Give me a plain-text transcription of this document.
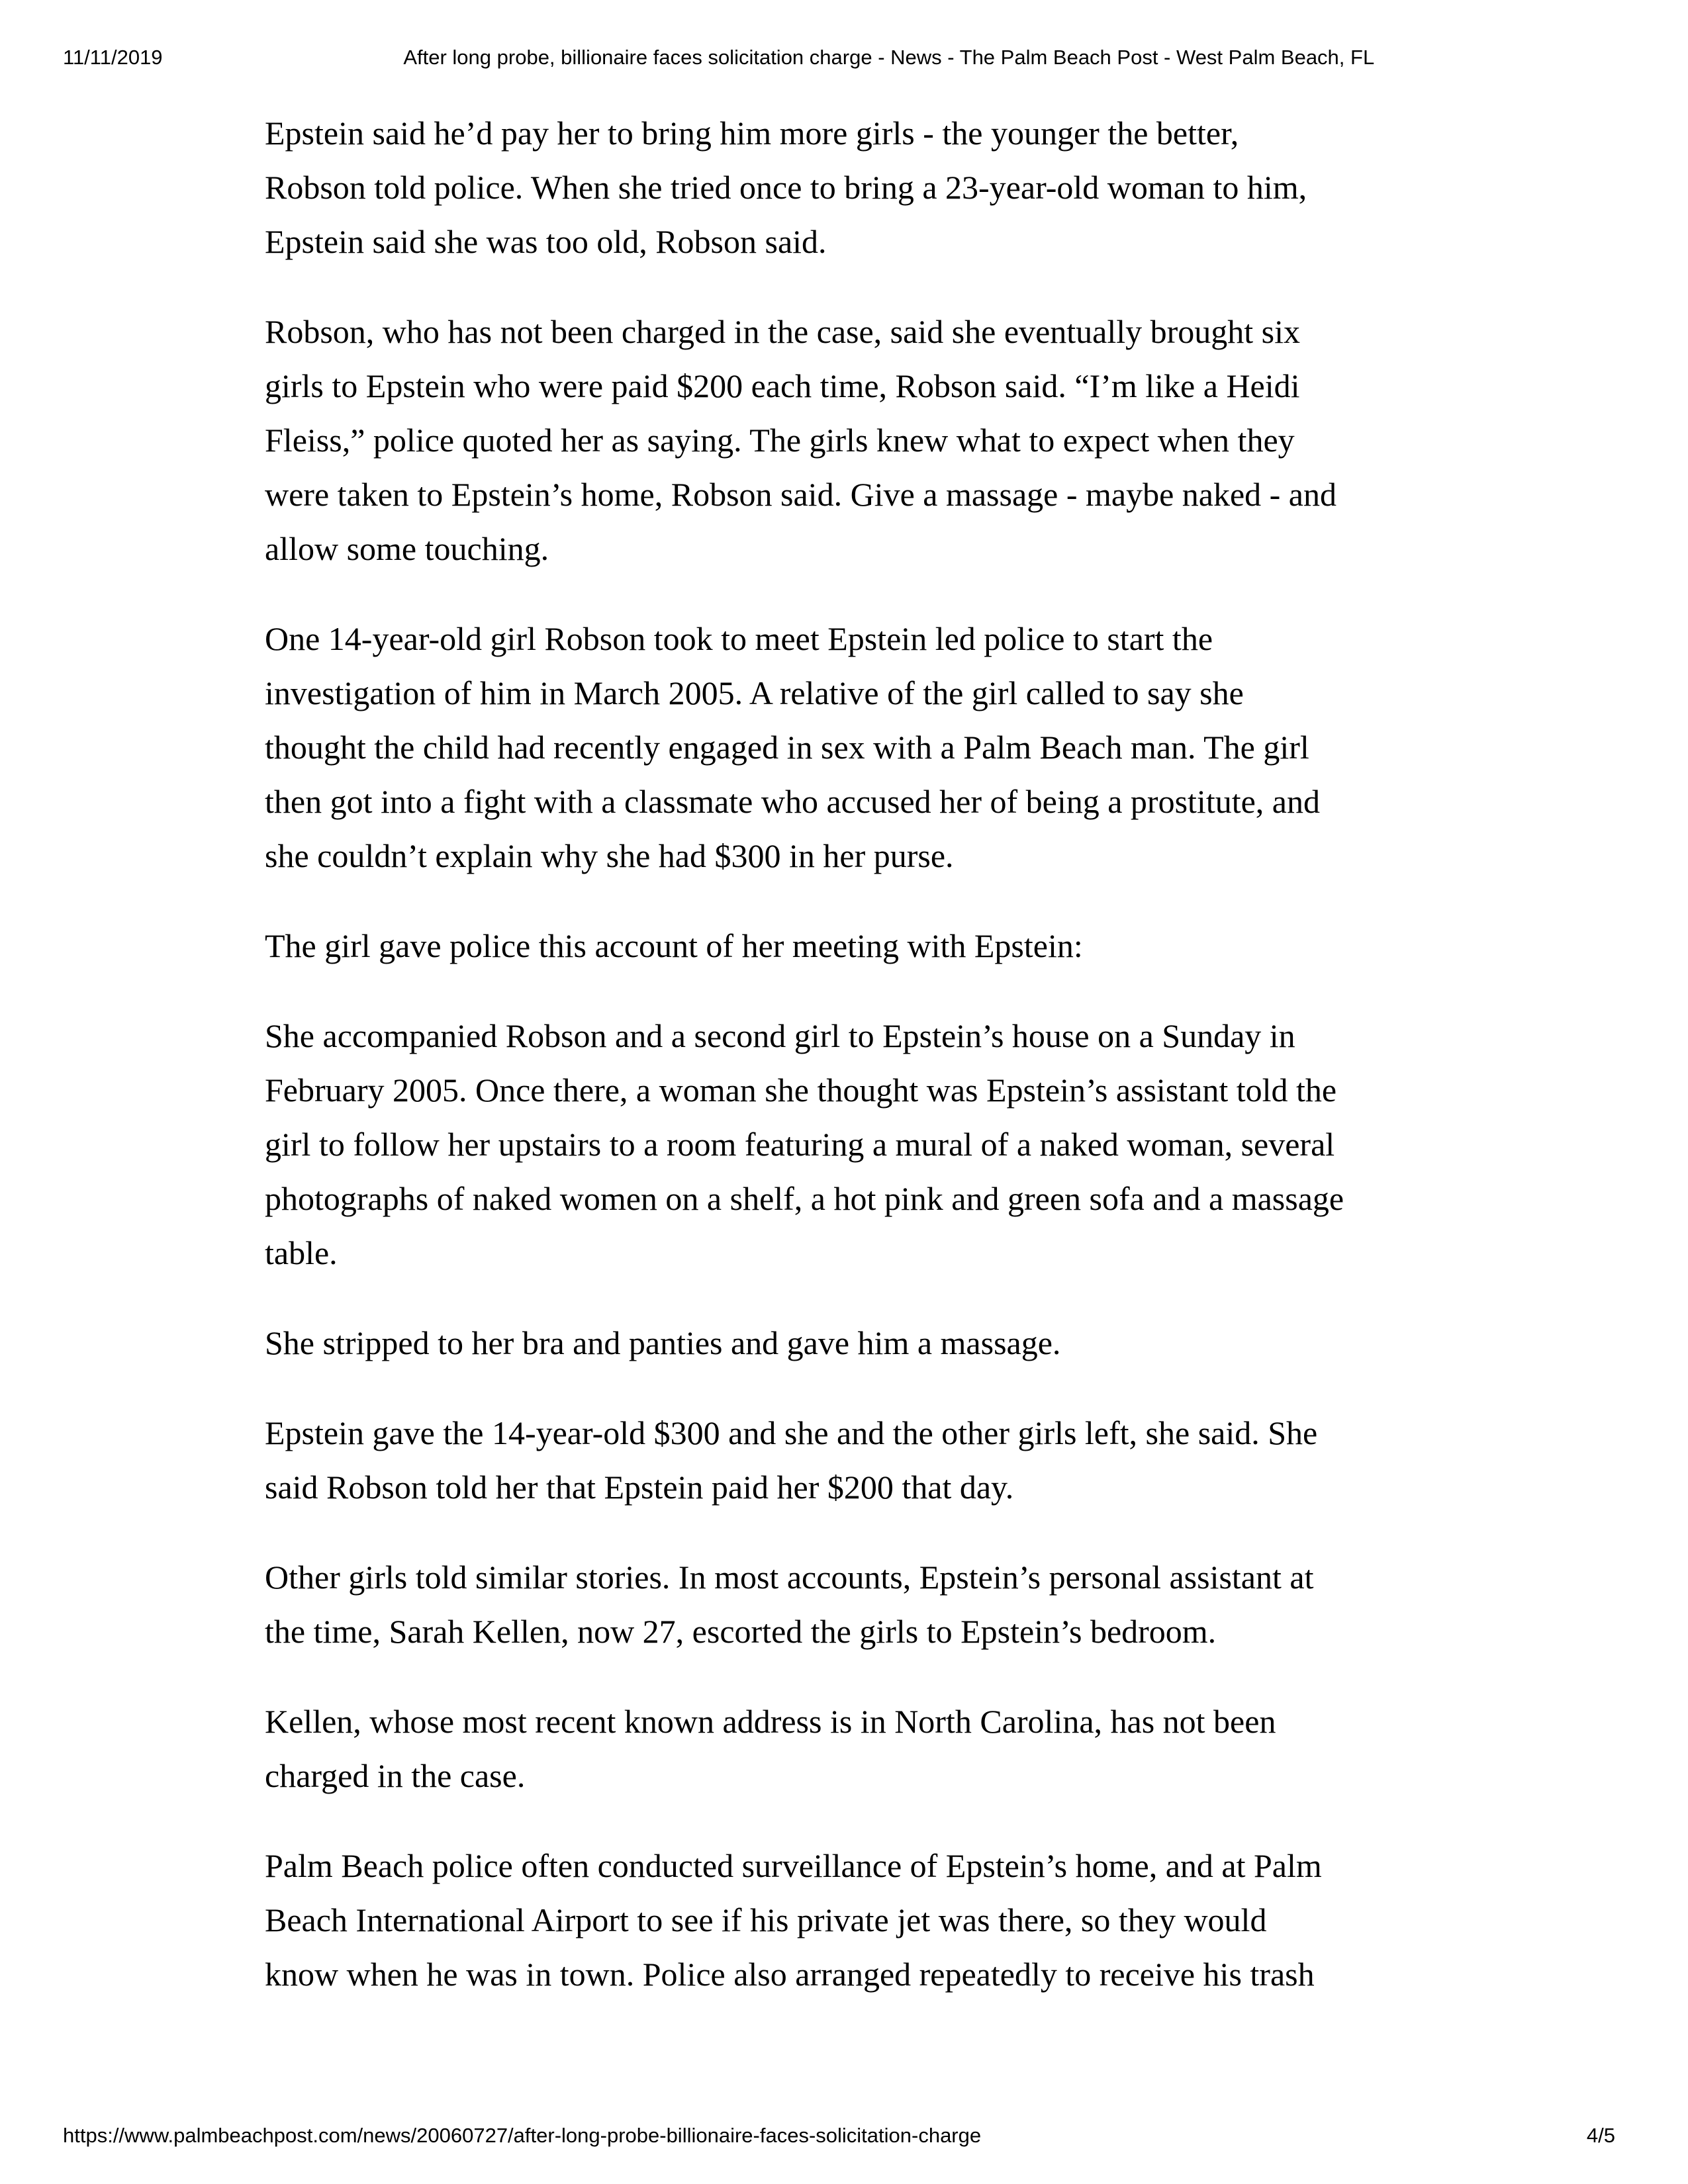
11/11/2019	After long probe, billionaire faces solicitation charge - News - The Palm Beach Post - West Palm Beach, FL

Epstein said he’d pay her to bring him more girls - the younger the better,
Robson told police. When she tried once to bring a 23-year-old woman to him,
Epstein said she was too old, Robson said.

Robson, who has not been charged in the case, said she eventually brought six
girls to Epstein who were paid $200 each time, Robson said. “I’m like a Heidi
Fleiss,” police quoted her as saying. The girls knew what to expect when they
were taken to Epstein’s home, Robson said. Give a massage - maybe naked - and
allow some touching.

One 14-year-old girl Robson took to meet Epstein led police to start the
investigation of him in March 2005. A relative of the girl called to say she
thought the child had recently engaged in sex with a Palm Beach man. The girl
then got into a fight with a classmate who accused her of being a prostitute, and
she couldn’t explain why she had $300 in her purse.

The girl gave police this account of her meeting with Epstein:

She accompanied Robson and a second girl to Epstein’s house on a Sunday in
February 2005. Once there, a woman she thought was Epstein’s assistant told the
girl to follow her upstairs to a room featuring a mural of a naked woman, several
photographs of naked women on a shelf, a hot pink and green sofa and a massage
table.

She stripped to her bra and panties and gave him a massage.

Epstein gave the 14-year-old $300 and she and the other girls left, she said. She
said Robson told her that Epstein paid her $200 that day.

Other girls told similar stories. In most accounts, Epstein’s personal assistant at
the time, Sarah Kellen, now 27, escorted the girls to Epstein’s bedroom.

Kellen, whose most recent known address is in North Carolina, has not been
charged in the case.

Palm Beach police often conducted surveillance of Epstein’s home, and at Palm
Beach International Airport to see if his private jet was there, so they would
know when he was in town. Police also arranged repeatedly to receive his trash

https://www.palmbeachpost.com/news/20060727/after-long-probe-billionaire-faces-solicitation-charge	4/5
